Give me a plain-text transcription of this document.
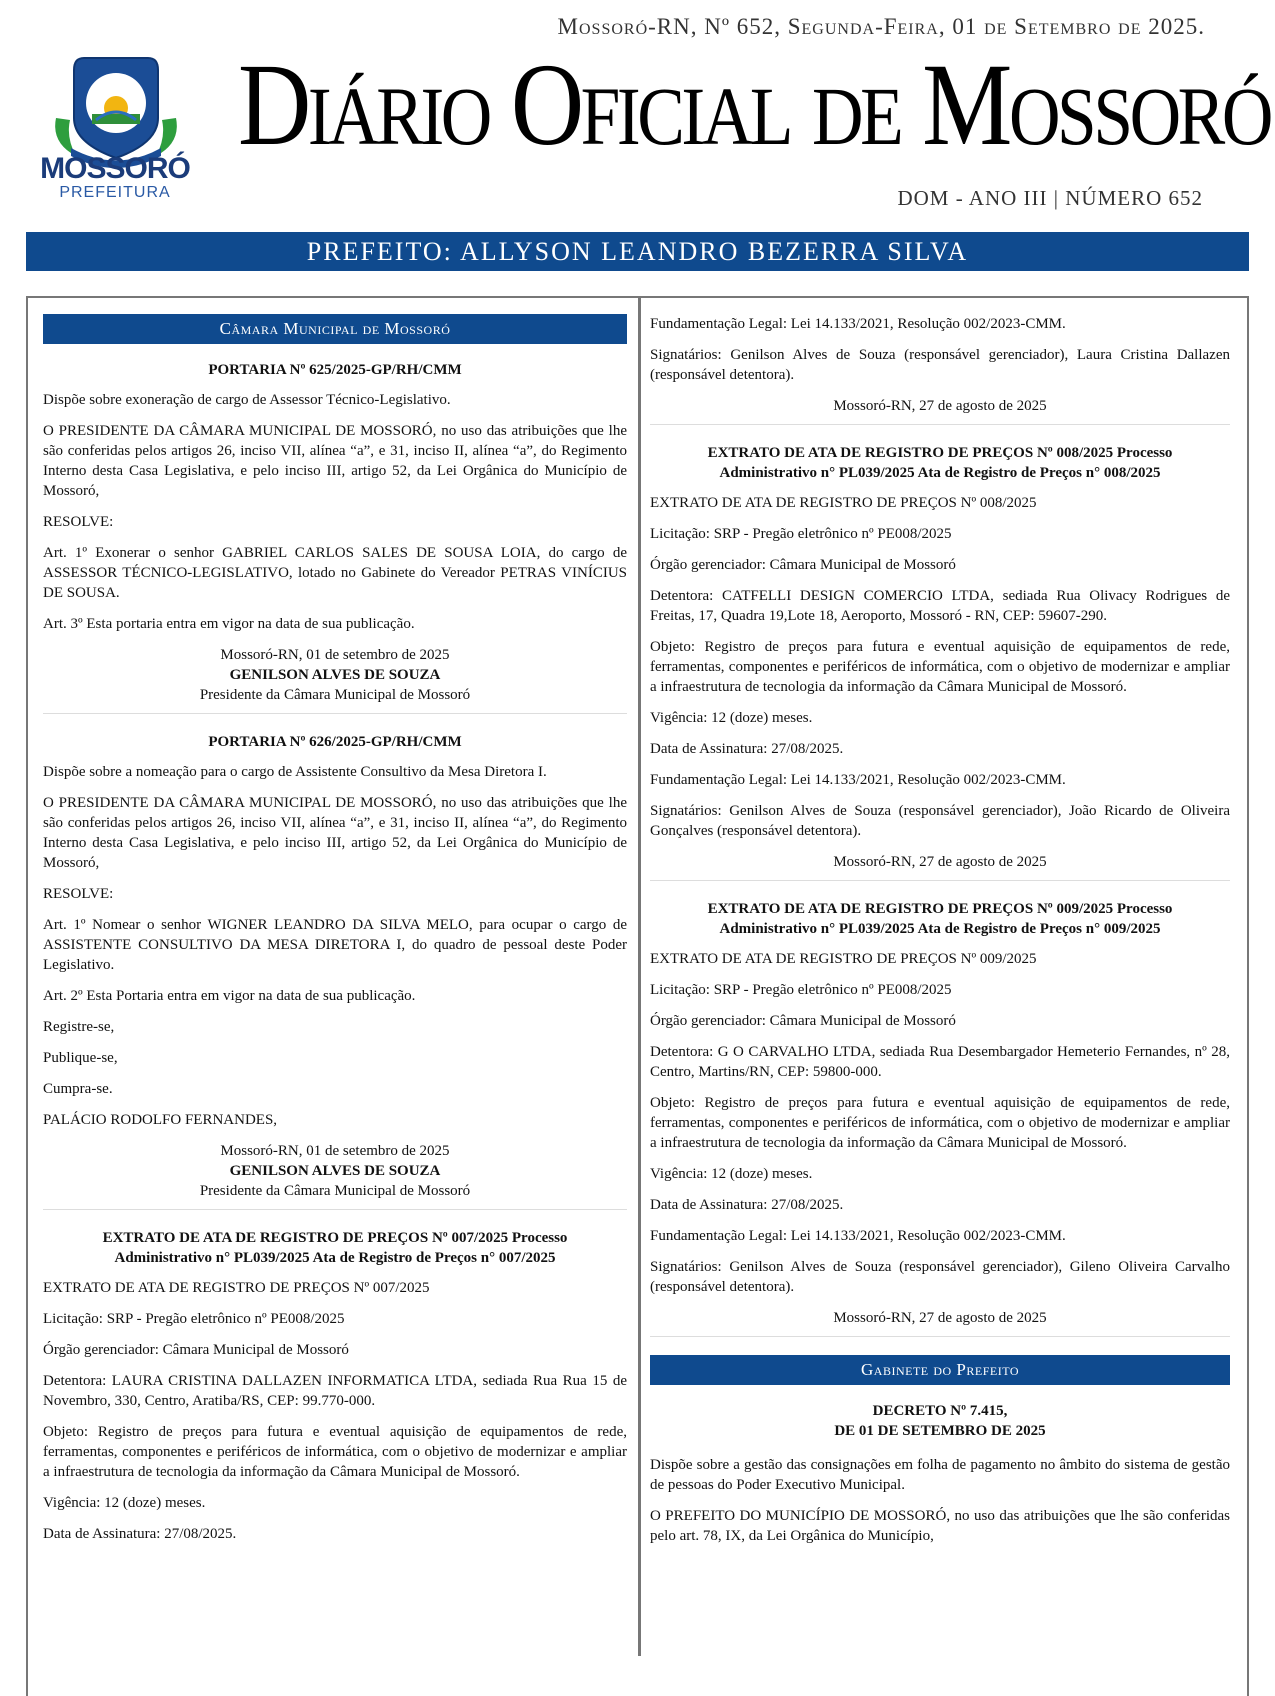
Mossoró-RN, Nº 652, Segunda-Feira, 01 de Setembro de 2025.
MOSSORÓ
PREFEITURA
Diário Oficial de Mossoró
DOM - ANO III | NÚMERO 652
PREFEITO: ALLYSON LEANDRO BEZERRA SILVA
Câmara Municipal de Mossoró
PORTARIA Nº 625/2025-GP/RH/CMM
Dispõe sobre exoneração de cargo de Assessor Técnico-Legislativo.
O PRESIDENTE DA CÂMARA MUNICIPAL DE MOSSORÓ, no uso das atribuições que lhe são conferidas pelos artigos 26, inciso VII, alínea “a”, e 31, inciso II, alínea “a”, do Regimento Interno desta Casa Legislativa, e pelo inciso III, artigo 52, da Lei Orgânica do Município de Mossoró,
RESOLVE:
Art. 1º Exonerar o senhor GABRIEL CARLOS SALES DE SOUSA LOIA, do cargo de ASSESSOR TÉCNICO-LEGISLATIVO, lotado no Gabinete do Vereador PETRAS VINÍCIUS DE SOUSA.
Art. 3º Esta portaria entra em vigor na data de sua publicação.
Mossoró-RN, 01 de setembro de 2025
GENILSON ALVES DE SOUZA
Presidente da Câmara Municipal de Mossoró
PORTARIA Nº 626/2025-GP/RH/CMM
Dispõe sobre a nomeação para o cargo de Assistente Consultivo da Mesa Diretora I.
O PRESIDENTE DA CÂMARA MUNICIPAL DE MOSSORÓ, no uso das atribuições que lhe são conferidas pelos artigos 26, inciso VII, alínea “a”, e 31, inciso II, alínea “a”, do Regimento Interno desta Casa Legislativa, e pelo inciso III, artigo 52, da Lei Orgânica do Município de Mossoró,
RESOLVE:
Art. 1º Nomear o senhor WIGNER LEANDRO DA SILVA MELO, para ocupar o cargo de ASSISTENTE CONSULTIVO DA MESA DIRETORA I, do quadro de pessoal deste Poder Legislativo.
Art. 2º Esta Portaria entra em vigor na data de sua publicação.
Registre-se,
Publique-se,
Cumpra-se.
PALÁCIO RODOLFO FERNANDES,
Mossoró-RN, 01 de setembro de 2025
GENILSON ALVES DE SOUZA
Presidente da Câmara Municipal de Mossoró
EXTRATO DE ATA DE REGISTRO DE PREÇOS Nº 007/2025 Processo
Administrativo n° PL039/2025 Ata de Registro de Preços n° 007/2025
EXTRATO DE ATA DE REGISTRO DE PREÇOS Nº 007/2025
Licitação: SRP - Pregão eletrônico nº PE008/2025
Órgão gerenciador: Câmara Municipal de Mossoró
Detentora: LAURA CRISTINA DALLAZEN INFORMATICA LTDA, sediada Rua Rua 15 de Novembro, 330, Centro, Aratiba/RS, CEP: 99.770-000.
Objeto: Registro de preços para futura e eventual aquisição de equipamentos de rede, ferramentas, componentes e periféricos de informática, com o objetivo de modernizar e ampliar a infraestrutura de tecnologia da informação da Câmara Municipal de Mossoró.
Vigência: 12 (doze) meses.
Data de Assinatura: 27/08/2025.
Fundamentação Legal: Lei 14.133/2021, Resolução 002/2023-CMM.
Signatários: Genilson Alves de Souza (responsável gerenciador), Laura Cristina Dallazen (responsável detentora).
Mossoró-RN, 27 de agosto de 2025
EXTRATO DE ATA DE REGISTRO DE PREÇOS Nº 008/2025 Processo
Administrativo n° PL039/2025 Ata de Registro de Preços n° 008/2025
EXTRATO DE ATA DE REGISTRO DE PREÇOS Nº 008/2025
Licitação: SRP - Pregão eletrônico nº PE008/2025
Órgão gerenciador: Câmara Municipal de Mossoró
Detentora: CATFELLI DESIGN COMERCIO LTDA, sediada Rua Olivacy Rodrigues de Freitas, 17, Quadra 19,Lote 18, Aeroporto, Mossoró - RN, CEP: 59607-290.
Objeto: Registro de preços para futura e eventual aquisição de equipamentos de rede, ferramentas, componentes e periféricos de informática, com o objetivo de modernizar e ampliar a infraestrutura de tecnologia da informação da Câmara Municipal de Mossoró.
Vigência: 12 (doze) meses.
Data de Assinatura: 27/08/2025.
Fundamentação Legal: Lei 14.133/2021, Resolução 002/2023-CMM.
Signatários: Genilson Alves de Souza (responsável gerenciador), João Ricardo de Oliveira Gonçalves (responsável detentora).
Mossoró-RN, 27 de agosto de 2025
EXTRATO DE ATA DE REGISTRO DE PREÇOS Nº 009/2025 Processo
Administrativo n° PL039/2025 Ata de Registro de Preços n° 009/2025
EXTRATO DE ATA DE REGISTRO DE PREÇOS Nº 009/2025
Licitação: SRP - Pregão eletrônico nº PE008/2025
Órgão gerenciador: Câmara Municipal de Mossoró
Detentora: G O CARVALHO LTDA, sediada Rua Desembargador Hemeterio Fernandes, nº 28, Centro, Martins/RN, CEP: 59800-000.
Objeto: Registro de preços para futura e eventual aquisição de equipamentos de rede, ferramentas, componentes e periféricos de informática, com o objetivo de modernizar e ampliar a infraestrutura de tecnologia da informação da Câmara Municipal de Mossoró.
Vigência: 12 (doze) meses.
Data de Assinatura: 27/08/2025.
Fundamentação Legal: Lei 14.133/2021, Resolução 002/2023-CMM.
Signatários: Genilson Alves de Souza (responsável gerenciador), Gileno Oliveira Carvalho (responsável detentora).
Mossoró-RN, 27 de agosto de 2025
Gabinete do Prefeito
DECRETO Nº 7.415,
DE 01 DE SETEMBRO DE 2025
Dispõe sobre a gestão das consignações em folha de pagamento no âmbito do sistema de gestão de pessoas do Poder Executivo Municipal.
O PREFEITO DO MUNICÍPIO DE MOSSORÓ, no uso das atribuições que lhe são conferidas pelo art. 78, IX, da Lei Orgânica do Município,
